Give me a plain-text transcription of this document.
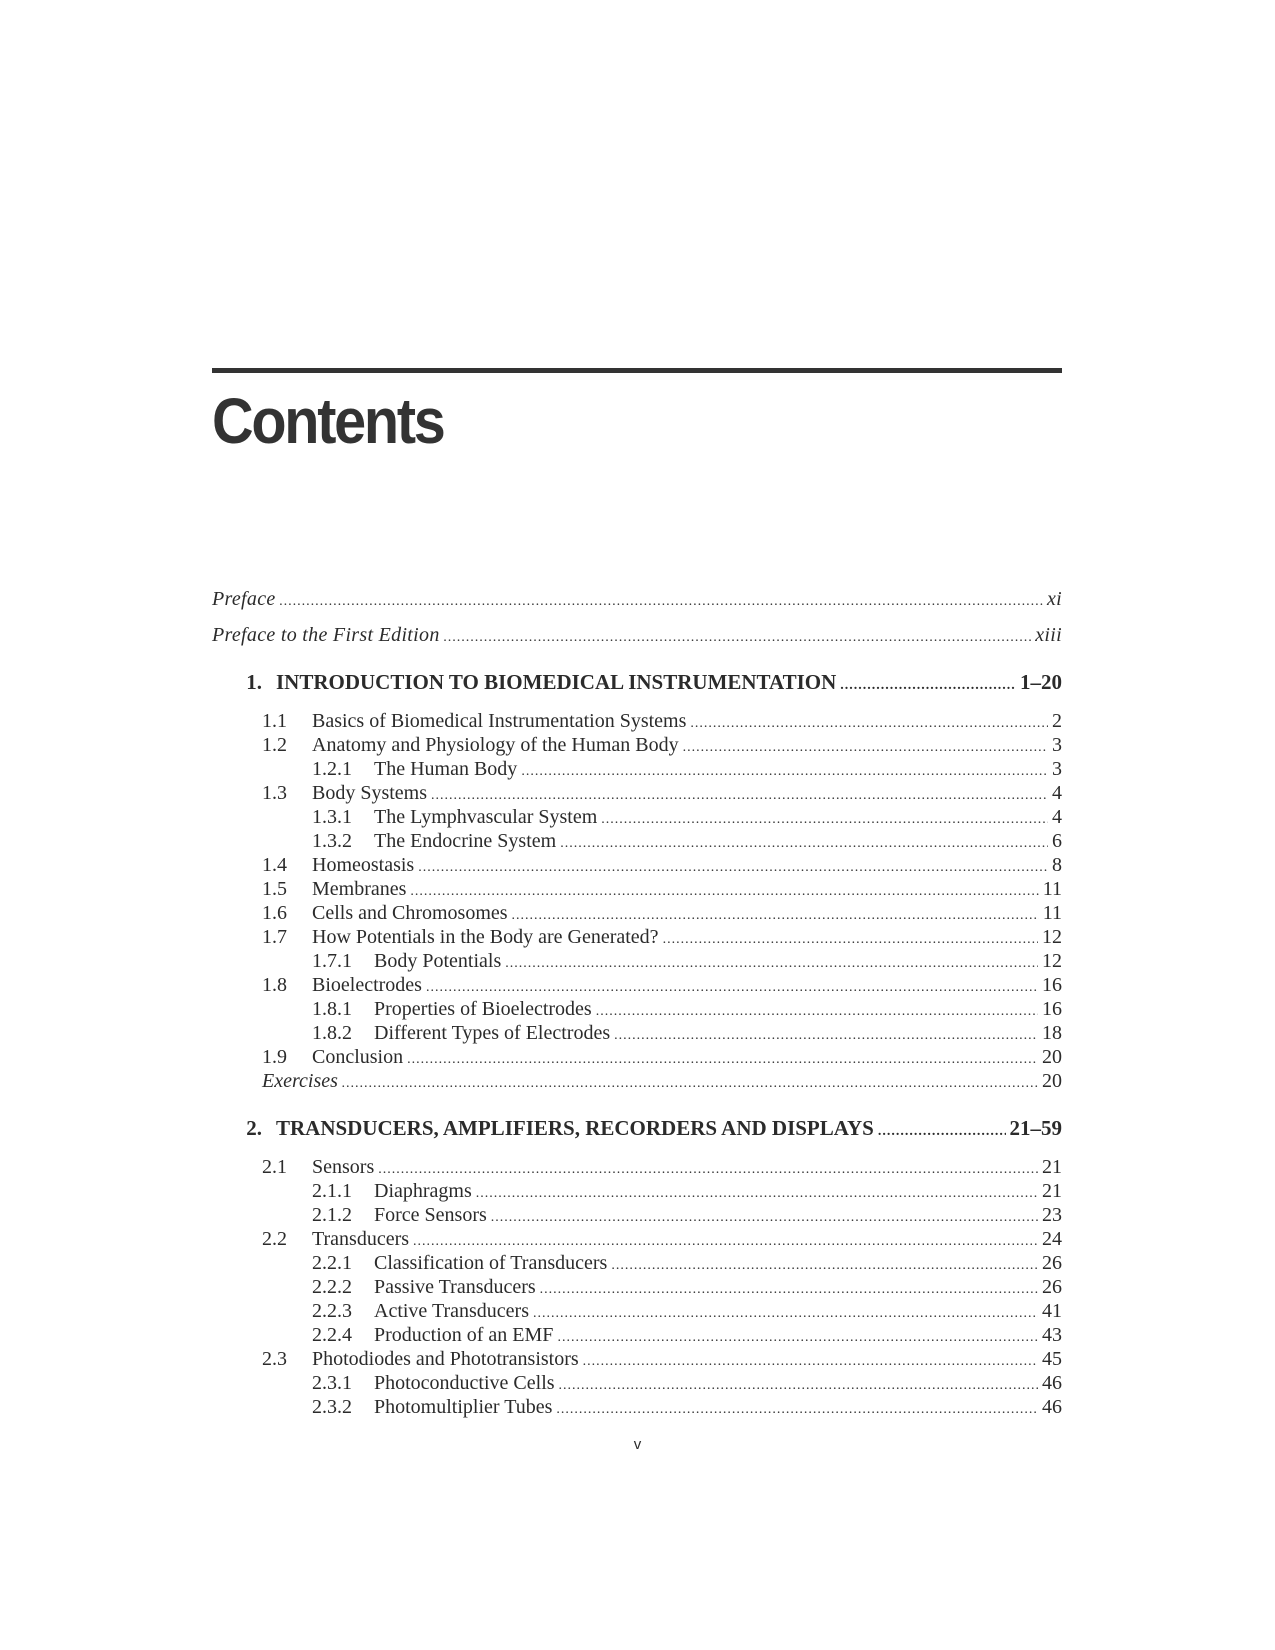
Contents
Preface .....	xi
Preface to the First Edition .....	xiii
1. INTRODUCTION TO BIOMEDICAL INSTRUMENTATION .....	1–20
1.1	Basics of Biomedical Instrumentation Systems .....	2
1.2	Anatomy and Physiology of the Human Body .....	3
1.2.1	The Human Body .....	3
1.3	Body Systems .....	4
1.3.1	The Lymphvascular System .....	4
1.3.2	The Endocrine System .....	6
1.4	Homeostasis .....	8
1.5	Membranes .....	11
1.6	Cells and Chromosomes .....	11
1.7	How Potentials in the Body are Generated? .....	12
1.7.1	Body Potentials .....	12
1.8	Bioelectrodes .....	16
1.8.1	Properties of Bioelectrodes .....	16
1.8.2	Different Types of Electrodes .....	18
1.9	Conclusion .....	20
Exercises .....	20
2. TRANSDUCERS, AMPLIFIERS, RECORDERS AND DISPLAYS .....	21–59
2.1	Sensors .....	21
2.1.1	Diaphragms .....	21
2.1.2	Force Sensors .....	23
2.2	Transducers .....	24
2.2.1	Classification of Transducers .....	26
2.2.2	Passive Transducers .....	26
2.2.3	Active Transducers .....	41
2.2.4	Production of an EMF .....	43
2.3	Photodiodes and Phototransistors .....	45
2.3.1	Photoconductive Cells .....	46
2.3.2	Photomultiplier Tubes .....	46
v
